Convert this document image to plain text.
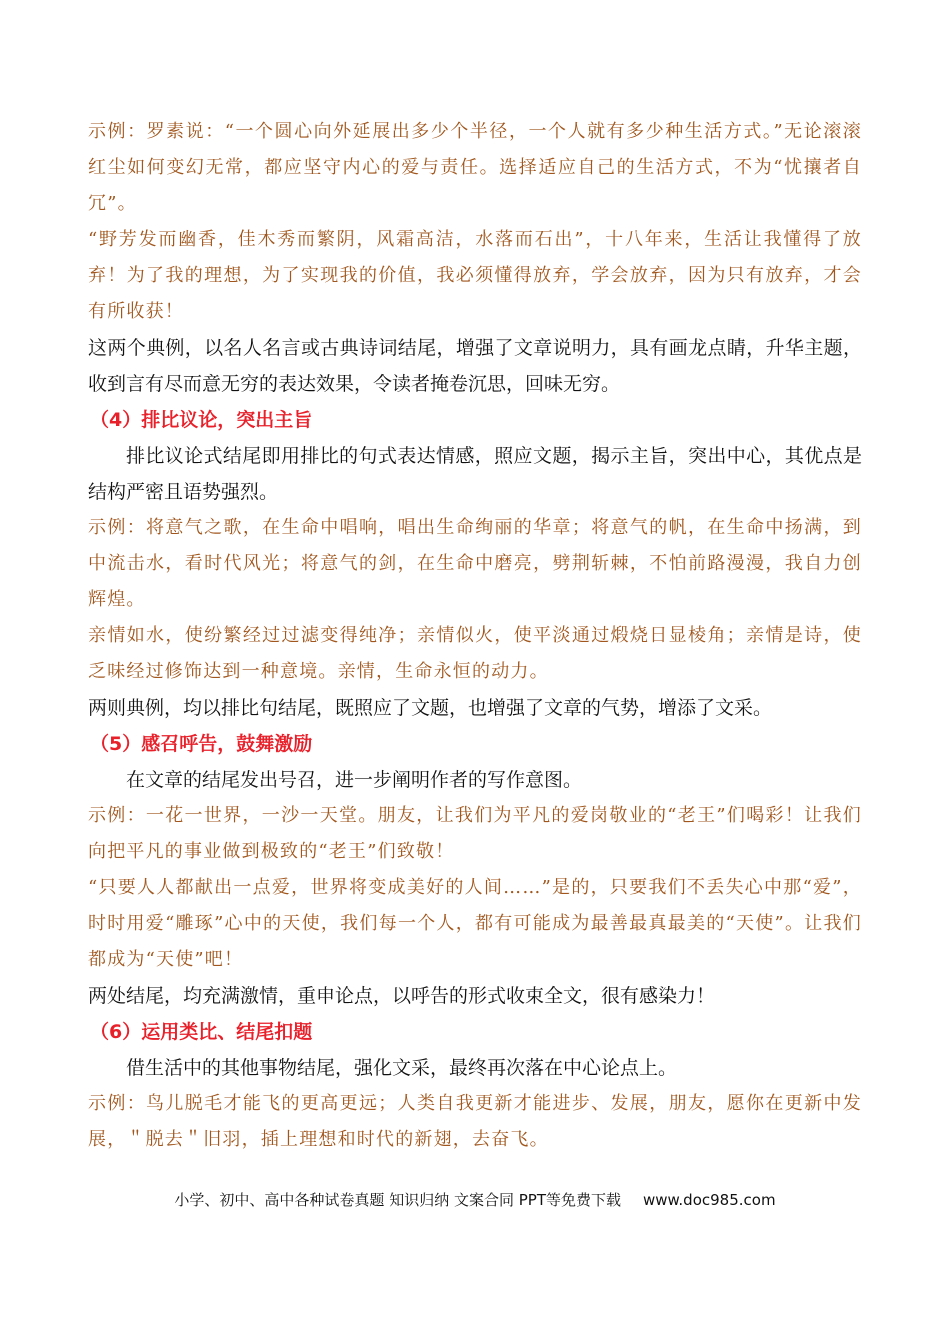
示例：罗素说：“一个圆心向外延展出多少个半径，一个人就有多少种生活方式。”无论滚滚红尘如何变幻无常，都应坚守内心的爱与责任。选择适应自己的生活方式，不为“忧攘者自冗”。

“野芳发而幽香，佳木秀而繁阴，风霜高洁，水落而石出”，十八年来，生活让我懂得了放弃！为了我的理想，为了实现我的价值，我必须懂得放弃，学会放弃，因为只有放弃，才会有所收获！

这两个典例，以名人名言或古典诗词结尾，增强了文章说明力，具有画龙点睛，升华主题，收到言有尽而意无穷的表达效果，令读者掩卷沉思，回味无穷。

（4）排比议论，突出主旨

排比议论式结尾即用排比的句式表达情感，照应文题，揭示主旨，突出中心，其优点是结构严密且语势强烈。

示例：将意气之歌，在生命中唱响，唱出生命绚丽的华章；将意气的帆，在生命中扬满，到中流击水，看时代风光；将意气的剑，在生命中磨亮，劈荆斩棘，不怕前路漫漫，我自力创辉煌。

亲情如水，使纷繁经过过滤变得纯净；亲情似火，使平淡通过煅烧日显棱角；亲情是诗，使乏味经过修饰达到一种意境。亲情，生命永恒的动力。

两则典例，均以排比句结尾，既照应了文题，也增强了文章的气势，增添了文采。

（5）感召呼告，鼓舞激励

在文章的结尾发出号召，进一步阐明作者的写作意图。

示例：一花一世界，一沙一天堂。朋友，让我们为平凡的爱岗敬业的“老王”们喝彩！让我们向把平凡的事业做到极致的“老王”们致敬！

“只要人人都献出一点爱，世界将变成美好的人间……”是的，只要我们不丢失心中那“爱”，时时用爱“雕琢”心中的天使，我们每一个人，都有可能成为最善最真最美的“天使”。让我们都成为“天使”吧！

两处结尾，均充满激情，重申论点，以呼告的形式收束全文，很有感染力！

（6）运用类比、结尾扣题

借生活中的其他事物结尾，强化文采，最终再次落在中心论点上。

示例：鸟儿脱毛才能飞的更高更远；人类自我更新才能进步、发展，朋友，愿你在更新中发展，＂脱去＂旧羽，插上理想和时代的新翅，去奋飞。

小学、初中、高中各种试卷真题 知识归纳 文案合同 PPT等免费下载 www.doc985.com
